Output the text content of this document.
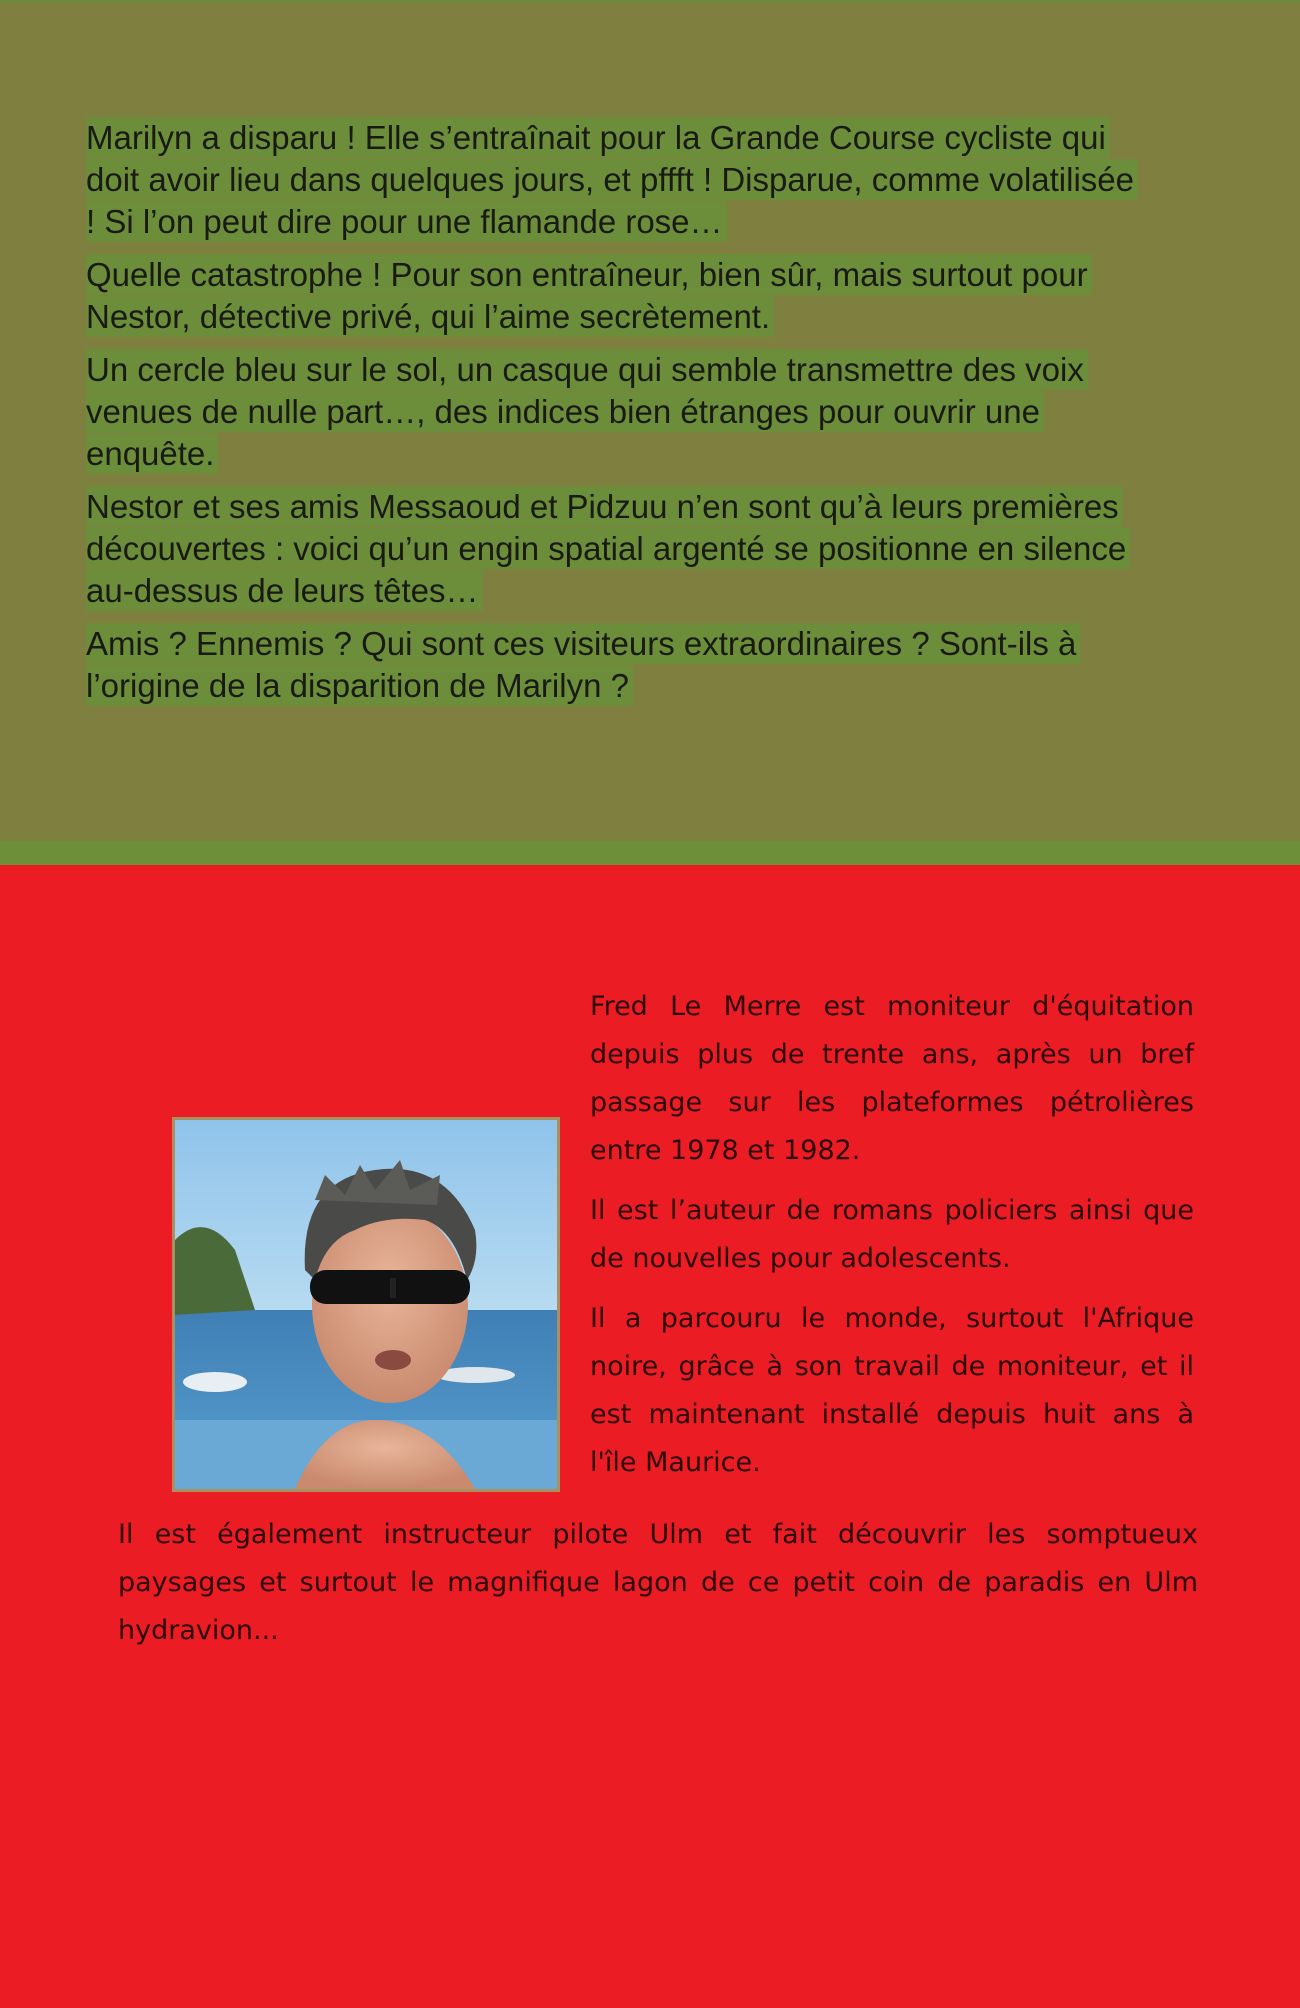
Marilyn a disparu ! Elle s’entraînait pour la Grande Course cycliste qui doit avoir lieu dans quelques jours, et pffft ! Disparue, comme volatilisée ! Si l’on peut dire pour une flamande rose…

Quelle catastrophe ! Pour son entraîneur, bien sûr, mais surtout pour Nestor, détective privé, qui l’aime secrètement.

Un cercle bleu sur le sol, un casque qui semble transmettre des voix venues de nulle part…, des indices bien étranges pour ouvrir une enquête.

Nestor et ses amis Messaoud et Pidzuu n’en sont qu’à leurs premières découvertes : voici qu’un engin spatial argenté se positionne en silence au-dessus de leurs têtes…

Amis ? Ennemis ? Qui sont ces visiteurs extraordinaires ? Sont-ils à l’origine de la disparition de Marilyn ?

Fred Le Merre est moniteur d'équitation depuis plus de trente ans, après un bref passage sur les plateformes pétrolières entre 1978 et 1982.

Il est l’auteur de romans policiers ainsi que de nouvelles pour adolescents.

Il a parcouru le monde, surtout l'Afrique noire, grâce à son travail de moniteur, et il est maintenant installé depuis huit ans à l'île Maurice.

Il est également instructeur pilote Ulm et fait découvrir les somptueux paysages et surtout le magnifique lagon de ce petit coin de paradis en Ulm hydravion...
